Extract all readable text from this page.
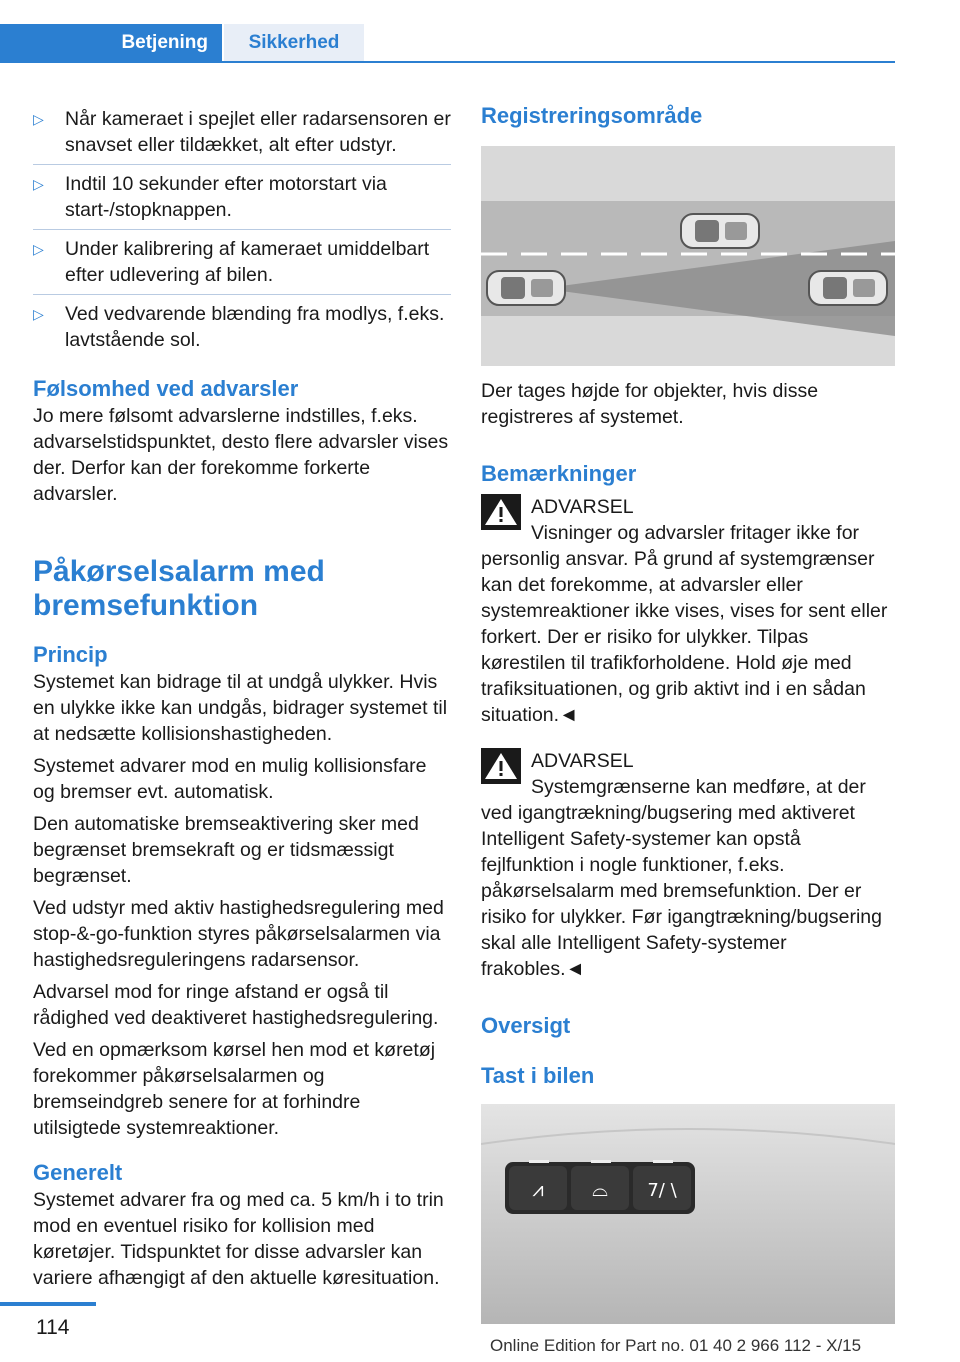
Betjening	Sikkerhed
▷	Når kameraet i spejlet eller radarsensoren er snavset eller tildækket, alt efter udstyr.

▷	Indtil 10 sekunder efter motorstart via start-/stopknappen.

▷	Under kalibrering af kameraet umiddelbart efter udlevering af bilen.

▷	Ved vedvarende blænding fra modlys, f.eks. lavtstående sol.

Følsomhed ved advarsler

Jo mere følsomt advarslerne indstilles, f.eks. advarselstidspunktet, desto flere advarsler vises der. Derfor kan der forekomme forkerte advarsler.

Påkørselsalarm med bremsefunktion
Princip

Systemet kan bidrage til at undgå ulykker. Hvis en ulykke ikke kan undgås, bidrager systemet til at nedsætte kollisionshastigheden.

Systemet advarer mod en mulig kollisionsfare og bremser evt. automatisk.

Den automatiske bremseaktivering sker med begrænset bremsekraft og er tidsmæssigt begrænset.

Ved udstyr med aktiv hastighedsregulering med stop-&-go-funktion styres påkørselsalarmen via hastighedsreguleringens radarsensor.

Advarsel mod for ringe afstand er også til rådighed ved deaktiveret hastighedsregulering.

Ved en opmærksom kørsel hen mod et køretøj forekommer påkørselsalarmen og bremseindgreb senere for at forhindre utilsigtede systemreaktioner.

Generelt

Systemet advarer fra og med ca. 5 km/h i to trin mod en eventuel risiko for kollision med køretøjer. Tidspunktet for disse advarsler kan variere afhængigt af den aktuelle køresituation.

Registreringsområde

Der tages højde for objekter, hvis disse registreres af systemet.

Bemærkninger

ADVARSEL

Visninger og advarsler fritager ikke for personlig ansvar. På grund af systemgrænser kan det forekomme, at advarsler eller systemreaktioner ikke vises, vises for sent eller forkert. Der er risiko for ulykker. Tilpas kørestilen til trafikforholdene. Hold øje med trafiksituationen, og grib aktivt ind i en sådan situation.◄

ADVARSEL

Systemgrænserne kan medføre, at der ved igangtrækning/bugsering med aktiveret Intelligent Safety-systemer kan opstå fejlfunktion i nogle funktioner, f.eks. påkørselsalarm med bremsefunktion. Der er risiko for ulykker. Før igangtrækning/bugsering skal alle Intelligent Safety-systemer frakobles.◄

Oversigt
Tast i bilen
⩘ ⌓ 7/ \
114
Online Edition for Part no. 01 40 2 966 112 - X/15
